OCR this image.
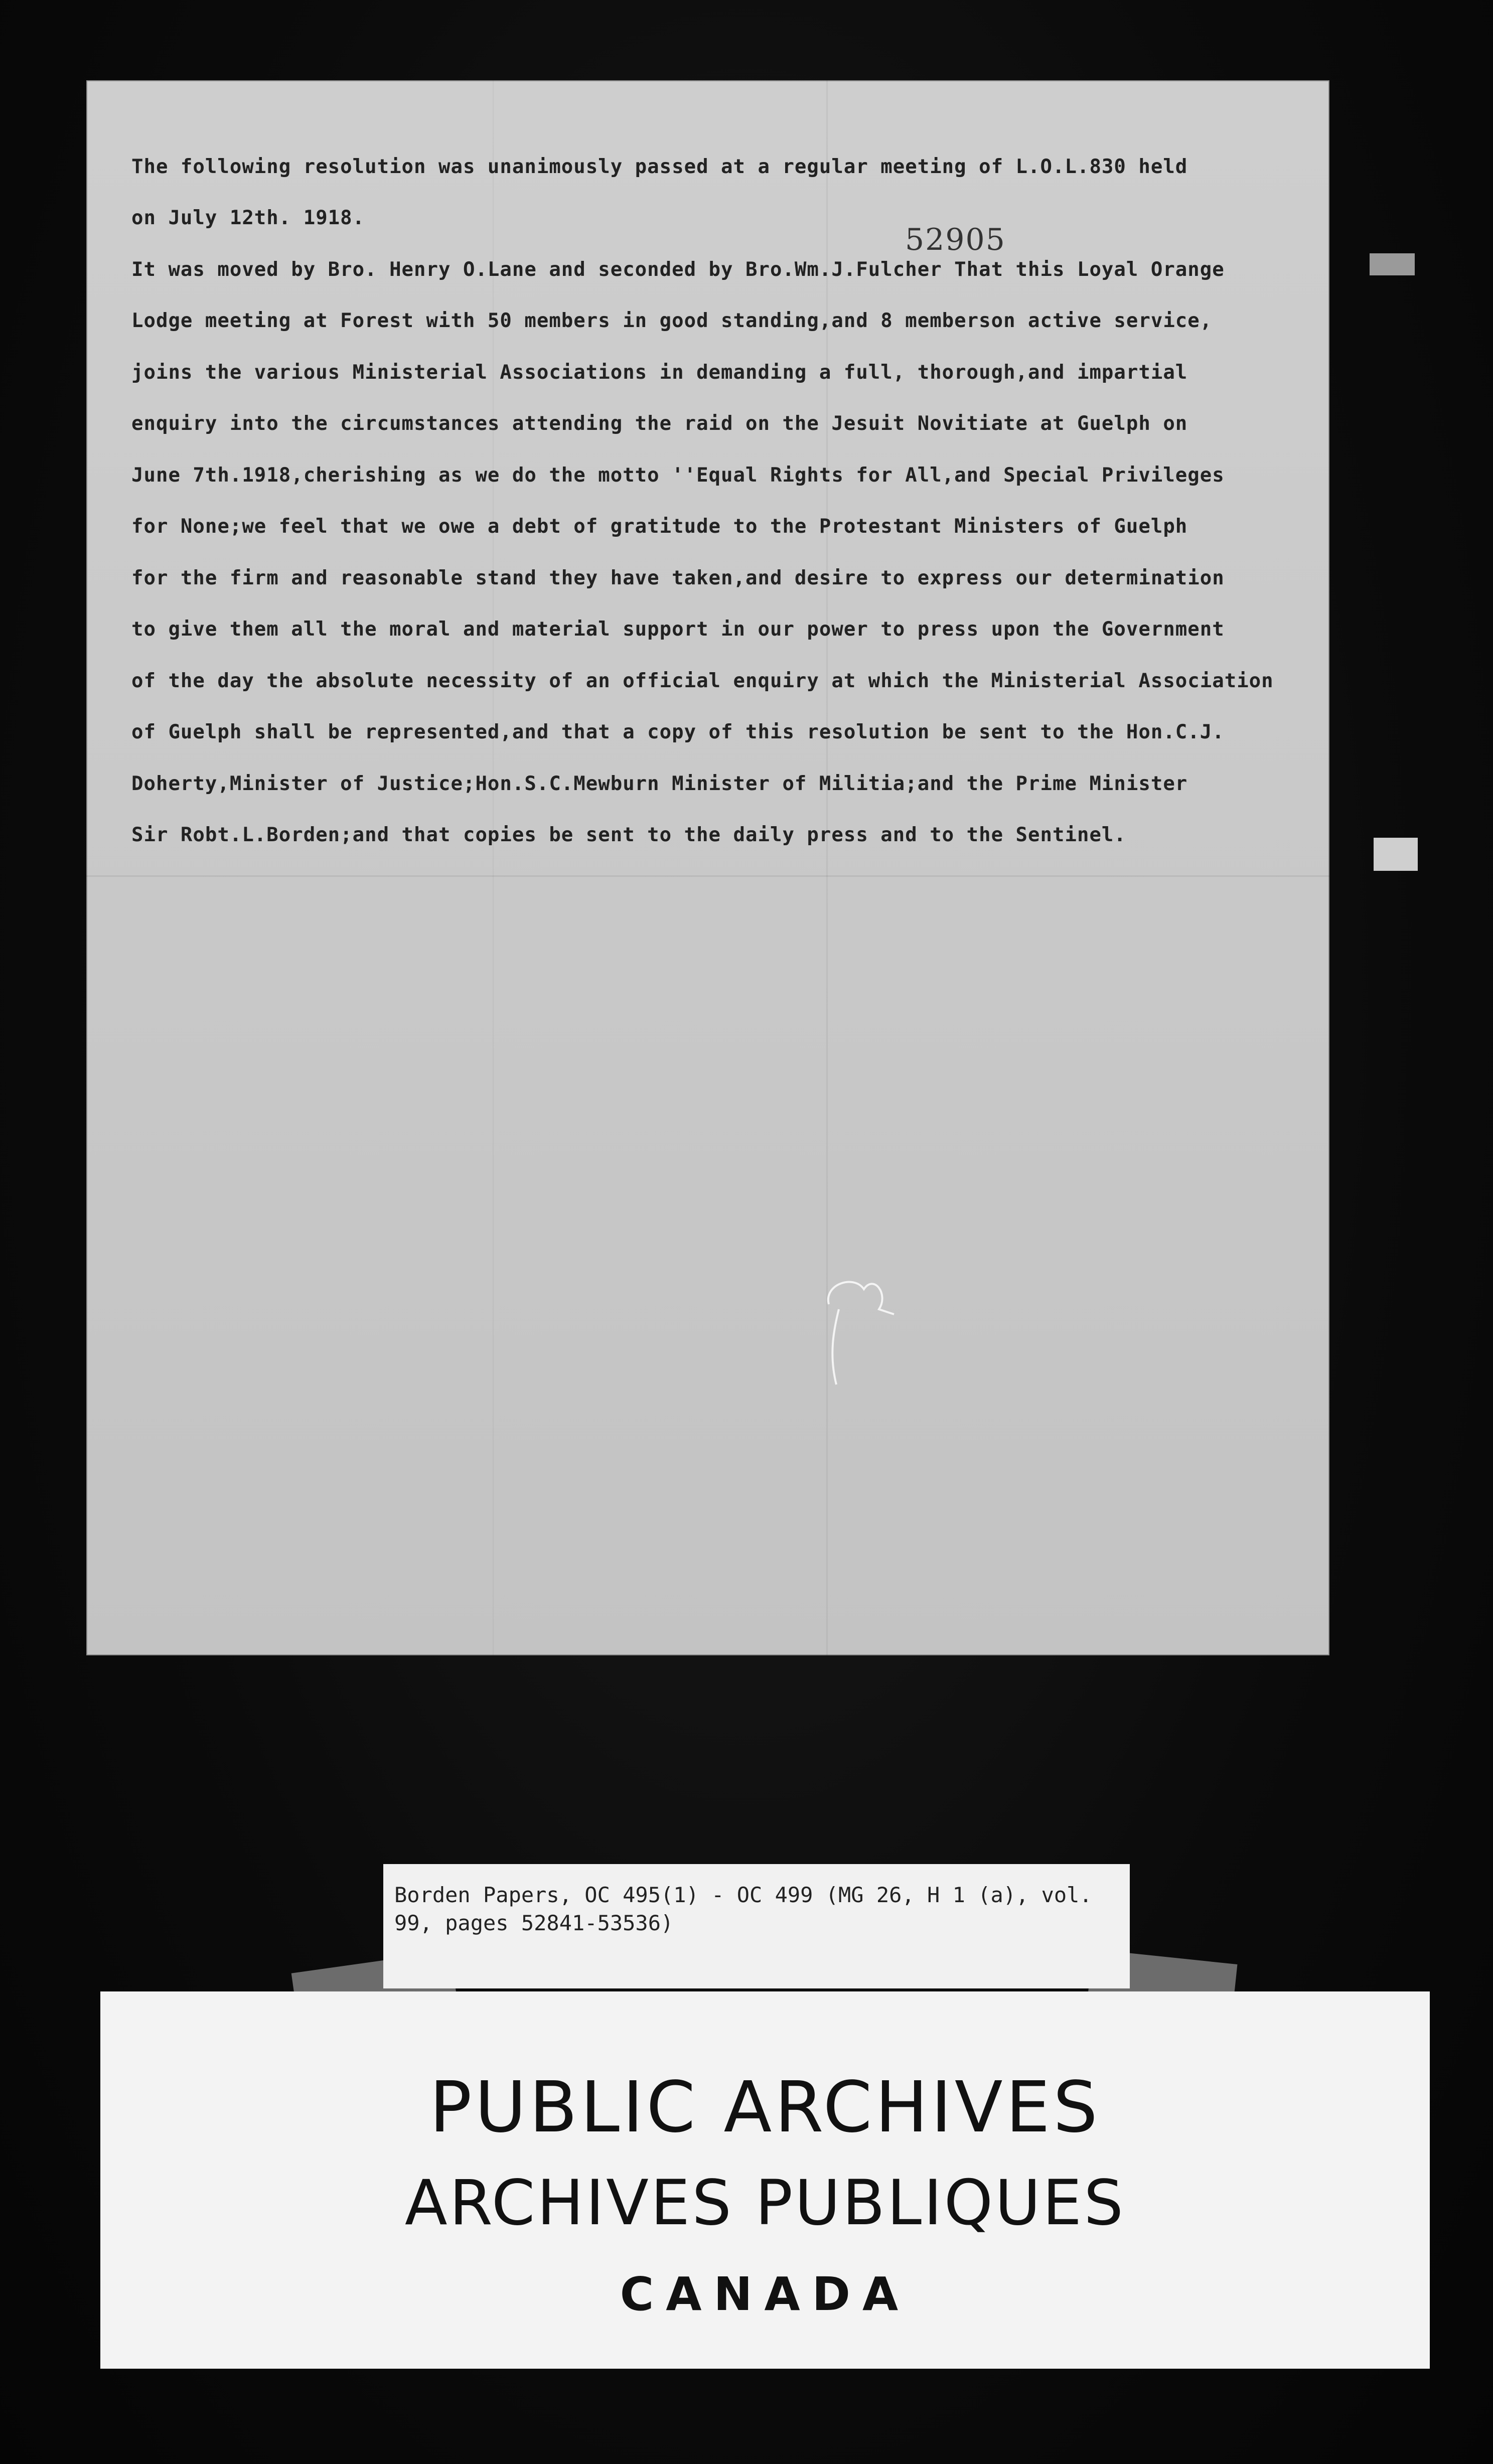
52905
The following resolution was unanimously passed at a regular meeting of L.O.L.830 held
on July 12th. 1918.
It was moved by Bro. Henry O.Lane and seconded by Bro.Wm.J.Fulcher That this Loyal Orange
Lodge meeting at Forest with 50 members in good standing,and 8 memberson active service,
joins the various Ministerial Associations in demanding a full, thorough,and impartial
enquiry into the circumstances attending the raid on the Jesuit Novitiate at Guelph on
June 7th.1918,cherishing as we do the motto ''Equal Rights for All,and Special Privileges
for None;we feel that we owe a debt of gratitude to the Protestant Ministers of Guelph
for the firm and reasonable stand they have taken,and desire to express our determination
to give them all the moral and material support in our power to press upon the Government
of the day the absolute necessity of an official enquiry at which the Ministerial Association
of Guelph shall be represented,and that a copy of this resolution be sent to the Hon.C.J.
Doherty,Minister of Justice;Hon.S.C.Mewburn Minister of Militia;and the Prime Minister
Sir Robt.L.Borden;and that copies be sent to the daily press and to the Sentinel.
Borden Papers, OC 495(1) - OC 499 (MG 26, H 1 (a), vol.
99, pages 52841-53536)
PUBLIC ARCHIVES
ARCHIVES PUBLIQUES
CANADA
